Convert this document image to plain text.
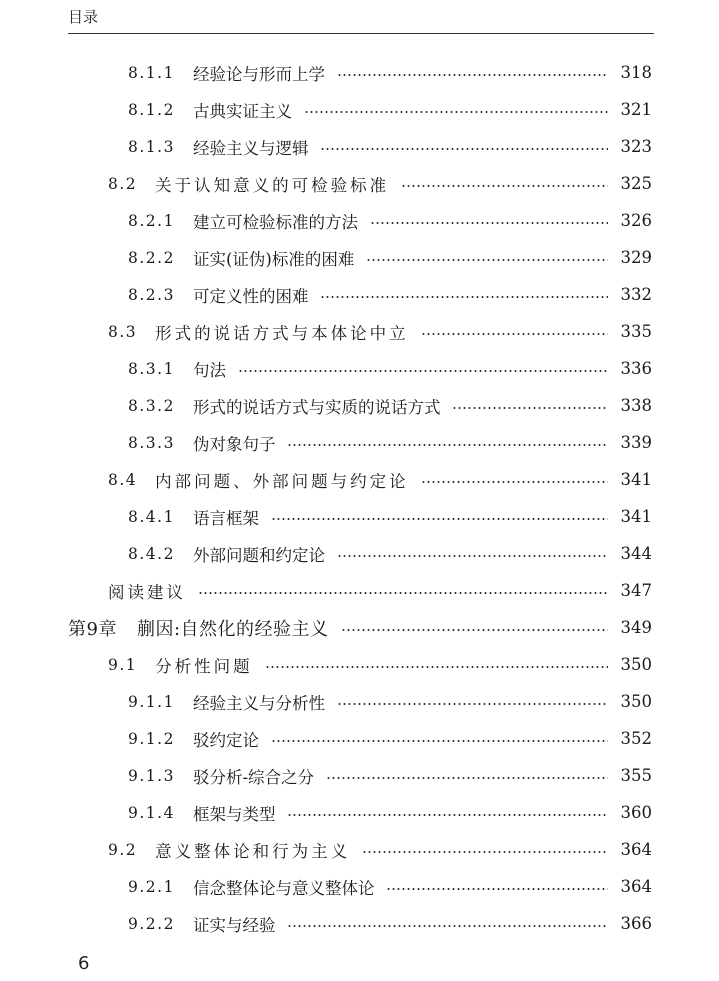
目录
8.1.1 经验论与形而上学	318
8.1.2 古典实证主义	321
8.1.3 经验主义与逻辑	323
8.2 关于认知意义的可检验标准	325
8.2.1 建立可检验标准的方法	326
8.2.2 证实(证伪)标准的困难	329
8.2.3 可定义性的困难	332
8.3 形式的说话方式与本体论中立	335
8.3.1 句法	336
8.3.2 形式的说话方式与实质的说话方式	338
8.3.3 伪对象句子	339
8.4 内部问题、外部问题与约定论	341
8.4.1 语言框架	341
8.4.2 外部问题和约定论	344
阅读建议	347
第9章 蒯因:自然化的经验主义	349
9.1 分析性问题	350
9.1.1 经验主义与分析性	350
9.1.2 驳约定论	352
9.1.3 驳分析-综合之分	355
9.1.4 框架与类型	360
9.2 意义整体论和行为主义	364
9.2.1 信念整体论与意义整体论	364
9.2.2 证实与经验	366
6
